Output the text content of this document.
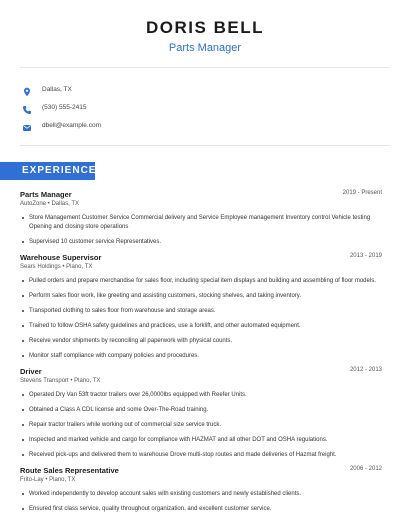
DORIS BELL
Parts Manager
Dallas, TX
(530) 555-2415
dbell@example.com
EXPERIENCE
Parts Manager	2019 - Present
AutoZone • Dallas, TX
Store Management Customer Service Commercial delivery and Service Employee management Inventory control Vehicle testing Opening and closing store operations
Supervised 10 customer service Representatives.
Warehouse Supervisor	2013 - 2019
Sears Holdings • Plano, TX
Pulled orders and prepare merchandise for sales floor, including special item displays and building and assembling of floor models.
Perform sales floor work, like greeting and assisting customers, stocking shelves, and taking inventory.
Transported clothing to sales floor from warehouse and storage areas.
Trained to follow OSHA safety guidelines and practices, use a forklift, and other automated equipment.
Receive vendor shipments by reconciling all paperwork with physical counts.
Monitor staff compliance with company policies and procedures.
Driver	2012 - 2013
Stevens Transport • Plano, TX
Operated Dry Van 53ft tractor trailers over 26,0000lbs equipped with Reefer Units.
Obtained a Class A CDL license and some Over-The-Road training.
Repair tractor trailers while working out of commercial size service truck.
Inspected and marked vehicle and cargo for compliance with HAZMAT and all other DOT and OSHA regulations.
Received pick-ups and delivered them to warehouse Drove multi-stop routes and made deliveries of Hazmat freight.
Route Sales Representative	2006 - 2012
Frito-Lay • Plano, TX
Worked independently to develop account sales with existing customers and newly established clients.
Ensured first class service, quality throughout organization, and excellent customer service.
